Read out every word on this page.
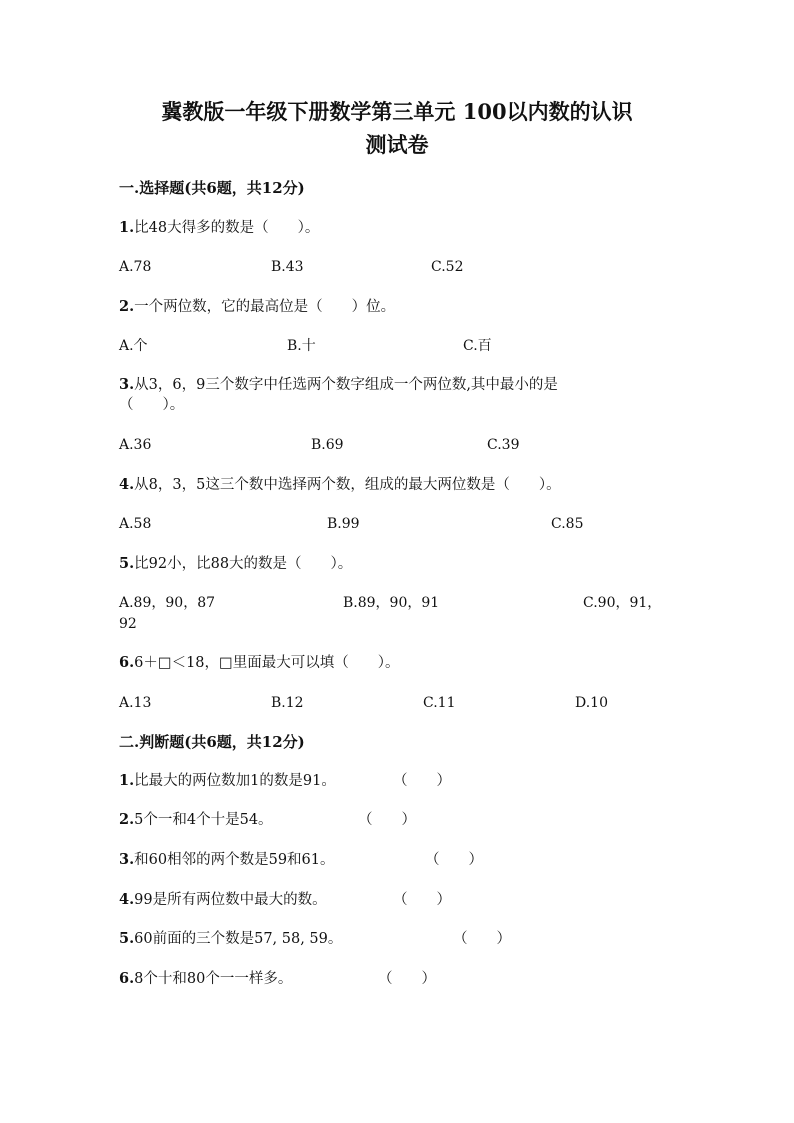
冀教版一年级下册数学第三单元 100以内数的认识
测试卷
一.选择题(共6题，共12分)
1.比48大得多的数是（　　）。
A.78	B.43	C.52
2.一个两位数，它的最高位是（　　）位。
A.个	B.十	C.百
3.从3，6，9三个数字中任选两个数字组成一个两位数,其中最小的是
（　　）。
A.36	B.69	C.39
4.从8，3，5这三个数中选择两个数，组成的最大两位数是（　　）。
A.58	B.99	C.85
5.比92小，比88大的数是（　　）。
A.89，90，87	B.89，90，91	C.90，91，
92
6.6＋□＜18，□里面最大可以填（　　）。
A.13	B.12	C.11	D.10
二.判断题(共6题，共12分)
1.比最大的两位数加1的数是91。	（　　）
2.5个一和4个十是54。	（　　）
3.和60相邻的两个数是59和61。	（　　）
4.99是所有两位数中最大的数。	（　　）
5.60前面的三个数是57, 58, 59。	（　　）
6.8个十和80个一一样多。	（　　）
